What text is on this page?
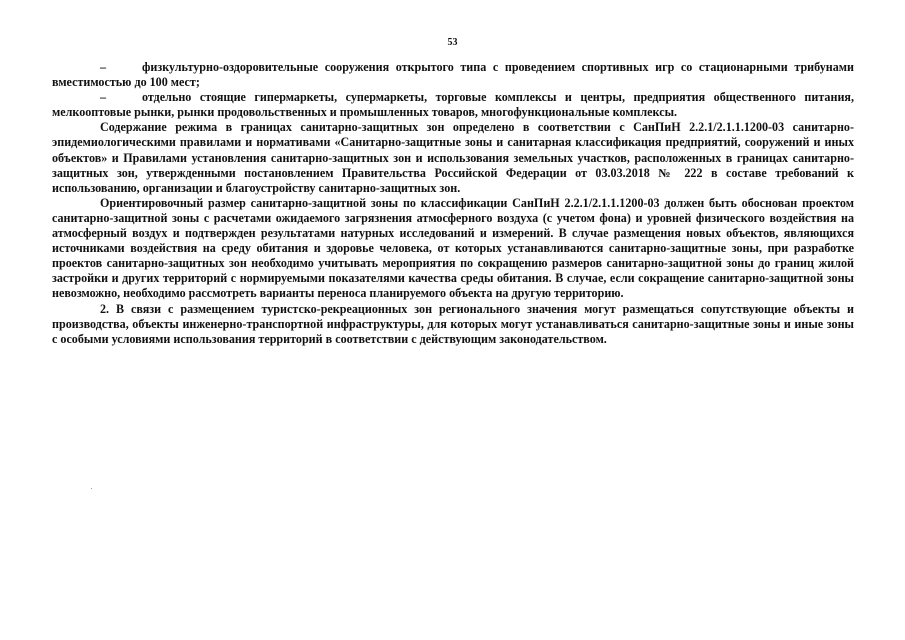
53

–	физкультурно-оздоровительные сооружения открытого типа с проведением спортивных игр со стационарными трибунами вместимостью до 100 мест;

–	отдельно стоящие гипермаркеты, супермаркеты, торговые комплексы и центры, предприятия общественного питания, мелкооптовые рынки, рынки продовольственных и промышленных товаров, многофункциональные комплексы.

Содержание режима в границах санитарно-защитных зон определено в соответствии с СанПиН 2.2.1/2.1.1.1200-03 санитарно-эпидемиологическими правилами и нормативами «Санитарно-защитные зоны и санитарная классификация предприятий, сооружений и иных объектов» и Правилами установления санитарно-защитных зон и использования земельных участков, расположенных в границах санитарно-защитных зон, утвержденными постановлением Правительства Российской Федерации от 03.03.2018 № 222 в составе требований к использованию, организации и благоустройству санитарно-защитных зон.

Ориентировочный размер санитарно-защитной зоны по классификации СанПиН 2.2.1/2.1.1.1200-03 должен быть обоснован проектом санитарно-защитной зоны с расчетами ожидаемого загрязнения атмосферного воздуха (с учетом фона) и уровней физического воздействия на атмосферный воздух и подтвержден результатами натурных исследований и измерений. В случае размещения новых объектов, являющихся источниками воздействия на среду обитания и здоровье человека, от которых устанавливаются санитарно-защитные зоны, при разработке проектов санитарно-защитных зон необходимо учитывать мероприятия по сокращению размеров санитарно-защитной зоны до границ жилой застройки и других территорий с нормируемыми показателями качества среды обитания. В случае, если сокращение санитарно-защитной зоны невозможно, необходимо рассмотреть варианты переноса планируемого объекта на другую территорию.

2. В связи с размещением туристско-рекреационных зон регионального значения могут размещаться сопутствующие объекты и производства, объекты инженерно-транспортной инфраструктуры, для которых могут устанавливаться санитарно-защитные зоны и иные зоны с особыми условиями использования территорий в соответствии с действующим законодательством.
